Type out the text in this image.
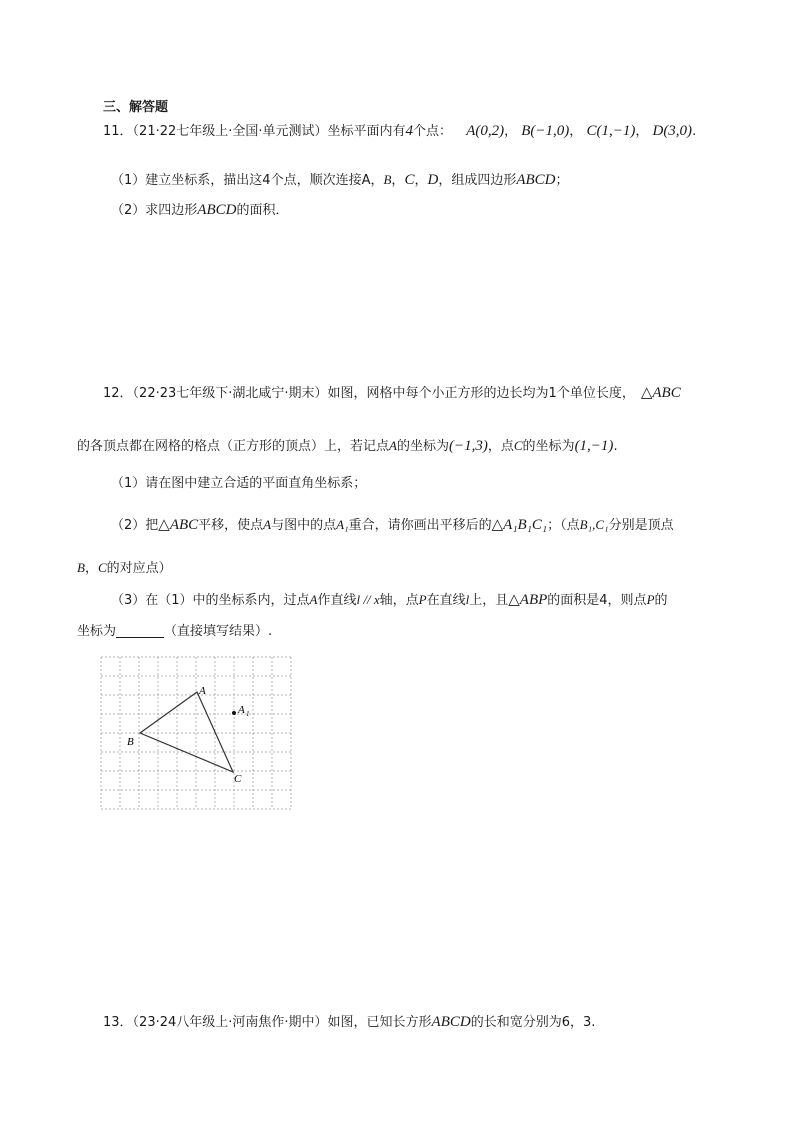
三、解答题
11．（21·22七年级上·全国·单元测试）坐标平面内有4个点： A(0,2)， B(−1,0)， C(1,−1)， D(3,0).
（1）建立坐标系，描出这4个点，顺次连接A，B，C，D，组成四边形ABCD；
（2）求四边形ABCD的面积．
12．（22·23七年级下·湖北咸宁·期末）如图，网格中每个小正方形的边长均为1个单位长度， △ABC
的各顶点都在网格的格点（正方形的顶点）上，若记点A的坐标为(−1,3)，点C的坐标为(1,−1).
（1）请在图中建立合适的平面直角坐标系；
（2）把△ABC平移，使点A与图中的点A₁重合，请你画出平移后的△A₁B₁C₁；（点B₁,C₁分别是顶点
B，C的对应点）
（3）在（1）中的坐标系内，过点A作直线l // x轴，点P在直线l上，且△ABP的面积是4，则点P的
坐标为	（直接填写结果）.
A
B
C
A 1
13．（23·24八年级上·河南焦作·期中）如图，已知长方形ABCD的长和宽分别为6，3.
